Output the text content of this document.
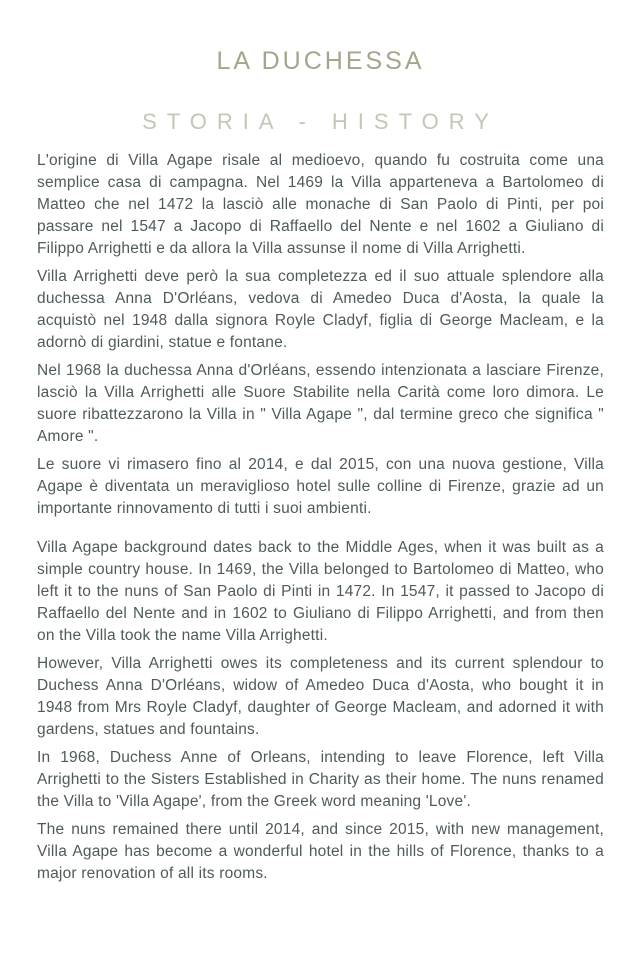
LA DUCHESSA
STORIA - HISTORY

L'origine di Villa Agape risale al medioevo, quando fu costruita come una semplice casa di campagna. Nel 1469 la Villa apparteneva a Bartolomeo di Matteo che nel 1472 la lasciò alle monache di San Paolo di Pinti, per poi passare nel 1547 a Jacopo di Raffaello del Nente e nel 1602 a Giuliano di Filippo Arrighetti e da allora la Villa assunse il nome di Villa Arrighetti.

Villa Arrighetti deve però la sua completezza ed il suo attuale splendore alla duchessa Anna D'Orléans, vedova di Amedeo Duca d'Aosta, la quale la acquistò nel 1948 dalla signora Royle Cladyf, figlia di George Macleam, e la adornò di giardini, statue e fontane.

Nel 1968 la duchessa Anna d'Orléans, essendo intenzionata a lasciare Firenze, lasciò la Villa Arrighetti alle Suore Stabilite nella Carità come loro dimora. Le suore ribattezzarono la Villa in " Villa Agape ", dal termine greco che significa " Amore ".

Le suore vi rimasero fino al 2014, e dal 2015, con una nuova gestione, Villa Agape è diventata un meraviglioso hotel sulle colline di Firenze, grazie ad un importante rinnovamento di tutti i suoi ambienti.

Villa Agape background dates back to the Middle Ages, when it was built as a simple country house. In 1469, the Villa belonged to Bartolomeo di Matteo, who left it to the nuns of San Paolo di Pinti in 1472. In 1547, it passed to Jacopo di Raffaello del Nente and in 1602 to Giuliano di Filippo Arrighetti, and from then on the Villa took the name Villa Arrighetti.

However, Villa Arrighetti owes its completeness and its current splendour to Duchess Anna D'Orléans, widow of Amedeo Duca d'Aosta, who bought it in 1948 from Mrs Royle Cladyf, daughter of George Macleam, and adorned it with gardens, statues and fountains.

In 1968, Duchess Anne of Orleans, intending to leave Florence, left Villa Arrighetti to the Sisters Established in Charity as their home. The nuns renamed the Villa to 'Villa Agape', from the Greek word meaning 'Love'.

The nuns remained there until 2014, and since 2015, with new management, Villa Agape has become a wonderful hotel in the hills of Florence, thanks to a major renovation of all its rooms.
